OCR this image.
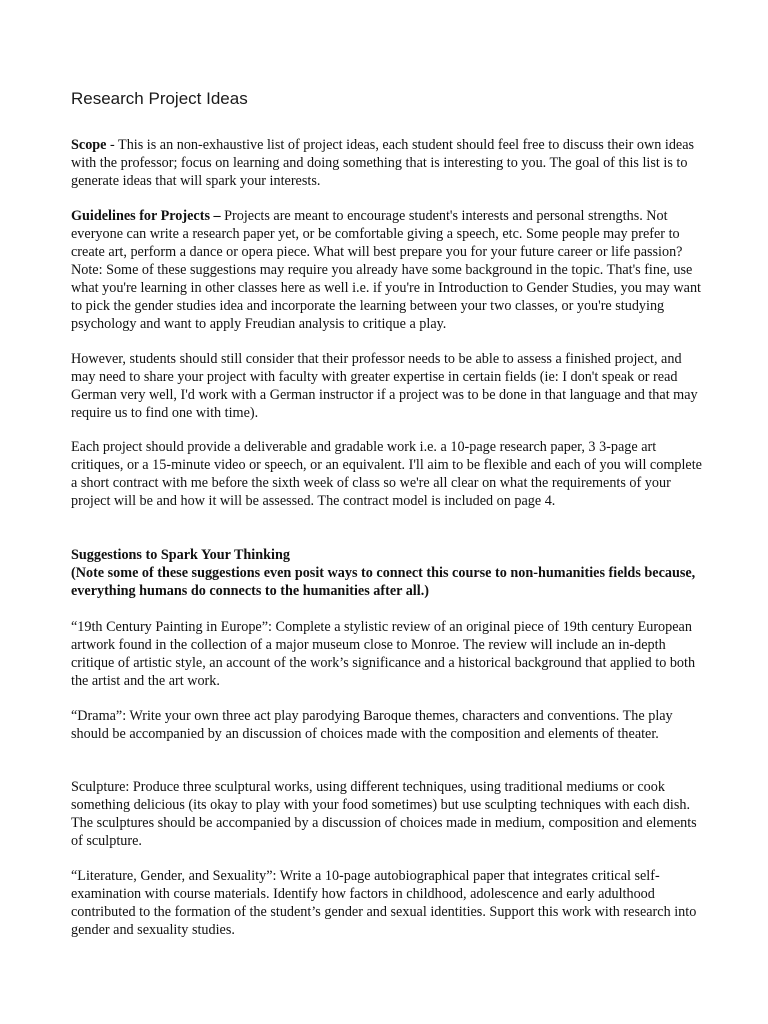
Research Project Ideas

Scope - This is an non-exhaustive list of project ideas, each student should feel free to discuss their own ideas with the professor; focus on learning and doing something that is interesting to you. The goal of this list is to generate ideas that will spark your interests.

Guidelines for Projects – Projects are meant to encourage student's interests and personal strengths. Not everyone can write a research paper yet, or be comfortable giving a speech, etc. Some people may prefer to create art, perform a dance or opera piece. What will best prepare you for your future career or life passion? Note: Some of these suggestions may require you already have some background in the topic. That's fine, use what you're learning in other classes here as well i.e. if you're in Introduction to Gender Studies, you may want to pick the gender studies idea and incorporate the learning between your two classes, or you're studying psychology and want to apply Freudian analysis to critique a play.

However, students should still consider that their professor needs to be able to assess a finished project, and may need to share your project with faculty with greater expertise in certain fields (ie: I don't speak or read German very well, I'd work with a German instructor if a project was to be done in that language and that may require us to find one with time).

Each project should provide a deliverable and gradable work i.e. a 10-page research paper, 3 3-page art critiques, or a 15-minute video or speech, or an equivalent. I'll aim to be flexible and each of you will complete a short contract with me before the sixth week of class so we're all clear on what the requirements of your project will be and how it will be assessed. The contract model is included on page 4.

Suggestions to Spark Your Thinking
(Note some of these suggestions even posit ways to connect this course to non-humanities fields because, everything humans do connects to the humanities after all.)

“19th Century Painting in Europe”: Complete a stylistic review of an original piece of 19th century European artwork found in the collection of a major museum close to Monroe. The review will include an in-depth critique of artistic style, an account of the work’s significance and a historical background that applied to both the artist and the art work.

“Drama”: Write your own three act play parodying Baroque themes, characters and conventions. The play should be accompanied by an discussion of choices made with the composition and elements of theater.

Sculpture: Produce three sculptural works, using different techniques, using traditional mediums or cook something delicious (its okay to play with your food sometimes) but use sculpting techniques with each dish. The sculptures should be accompanied by a discussion of choices made in medium, composition and elements of sculpture.

“Literature, Gender, and Sexuality”: Write a 10-page autobiographical paper that integrates critical self-examination with course materials. Identify how factors in childhood, adolescence and early adulthood contributed to the formation of the student’s gender and sexual identities. Support this work with research into gender and sexuality studies.
